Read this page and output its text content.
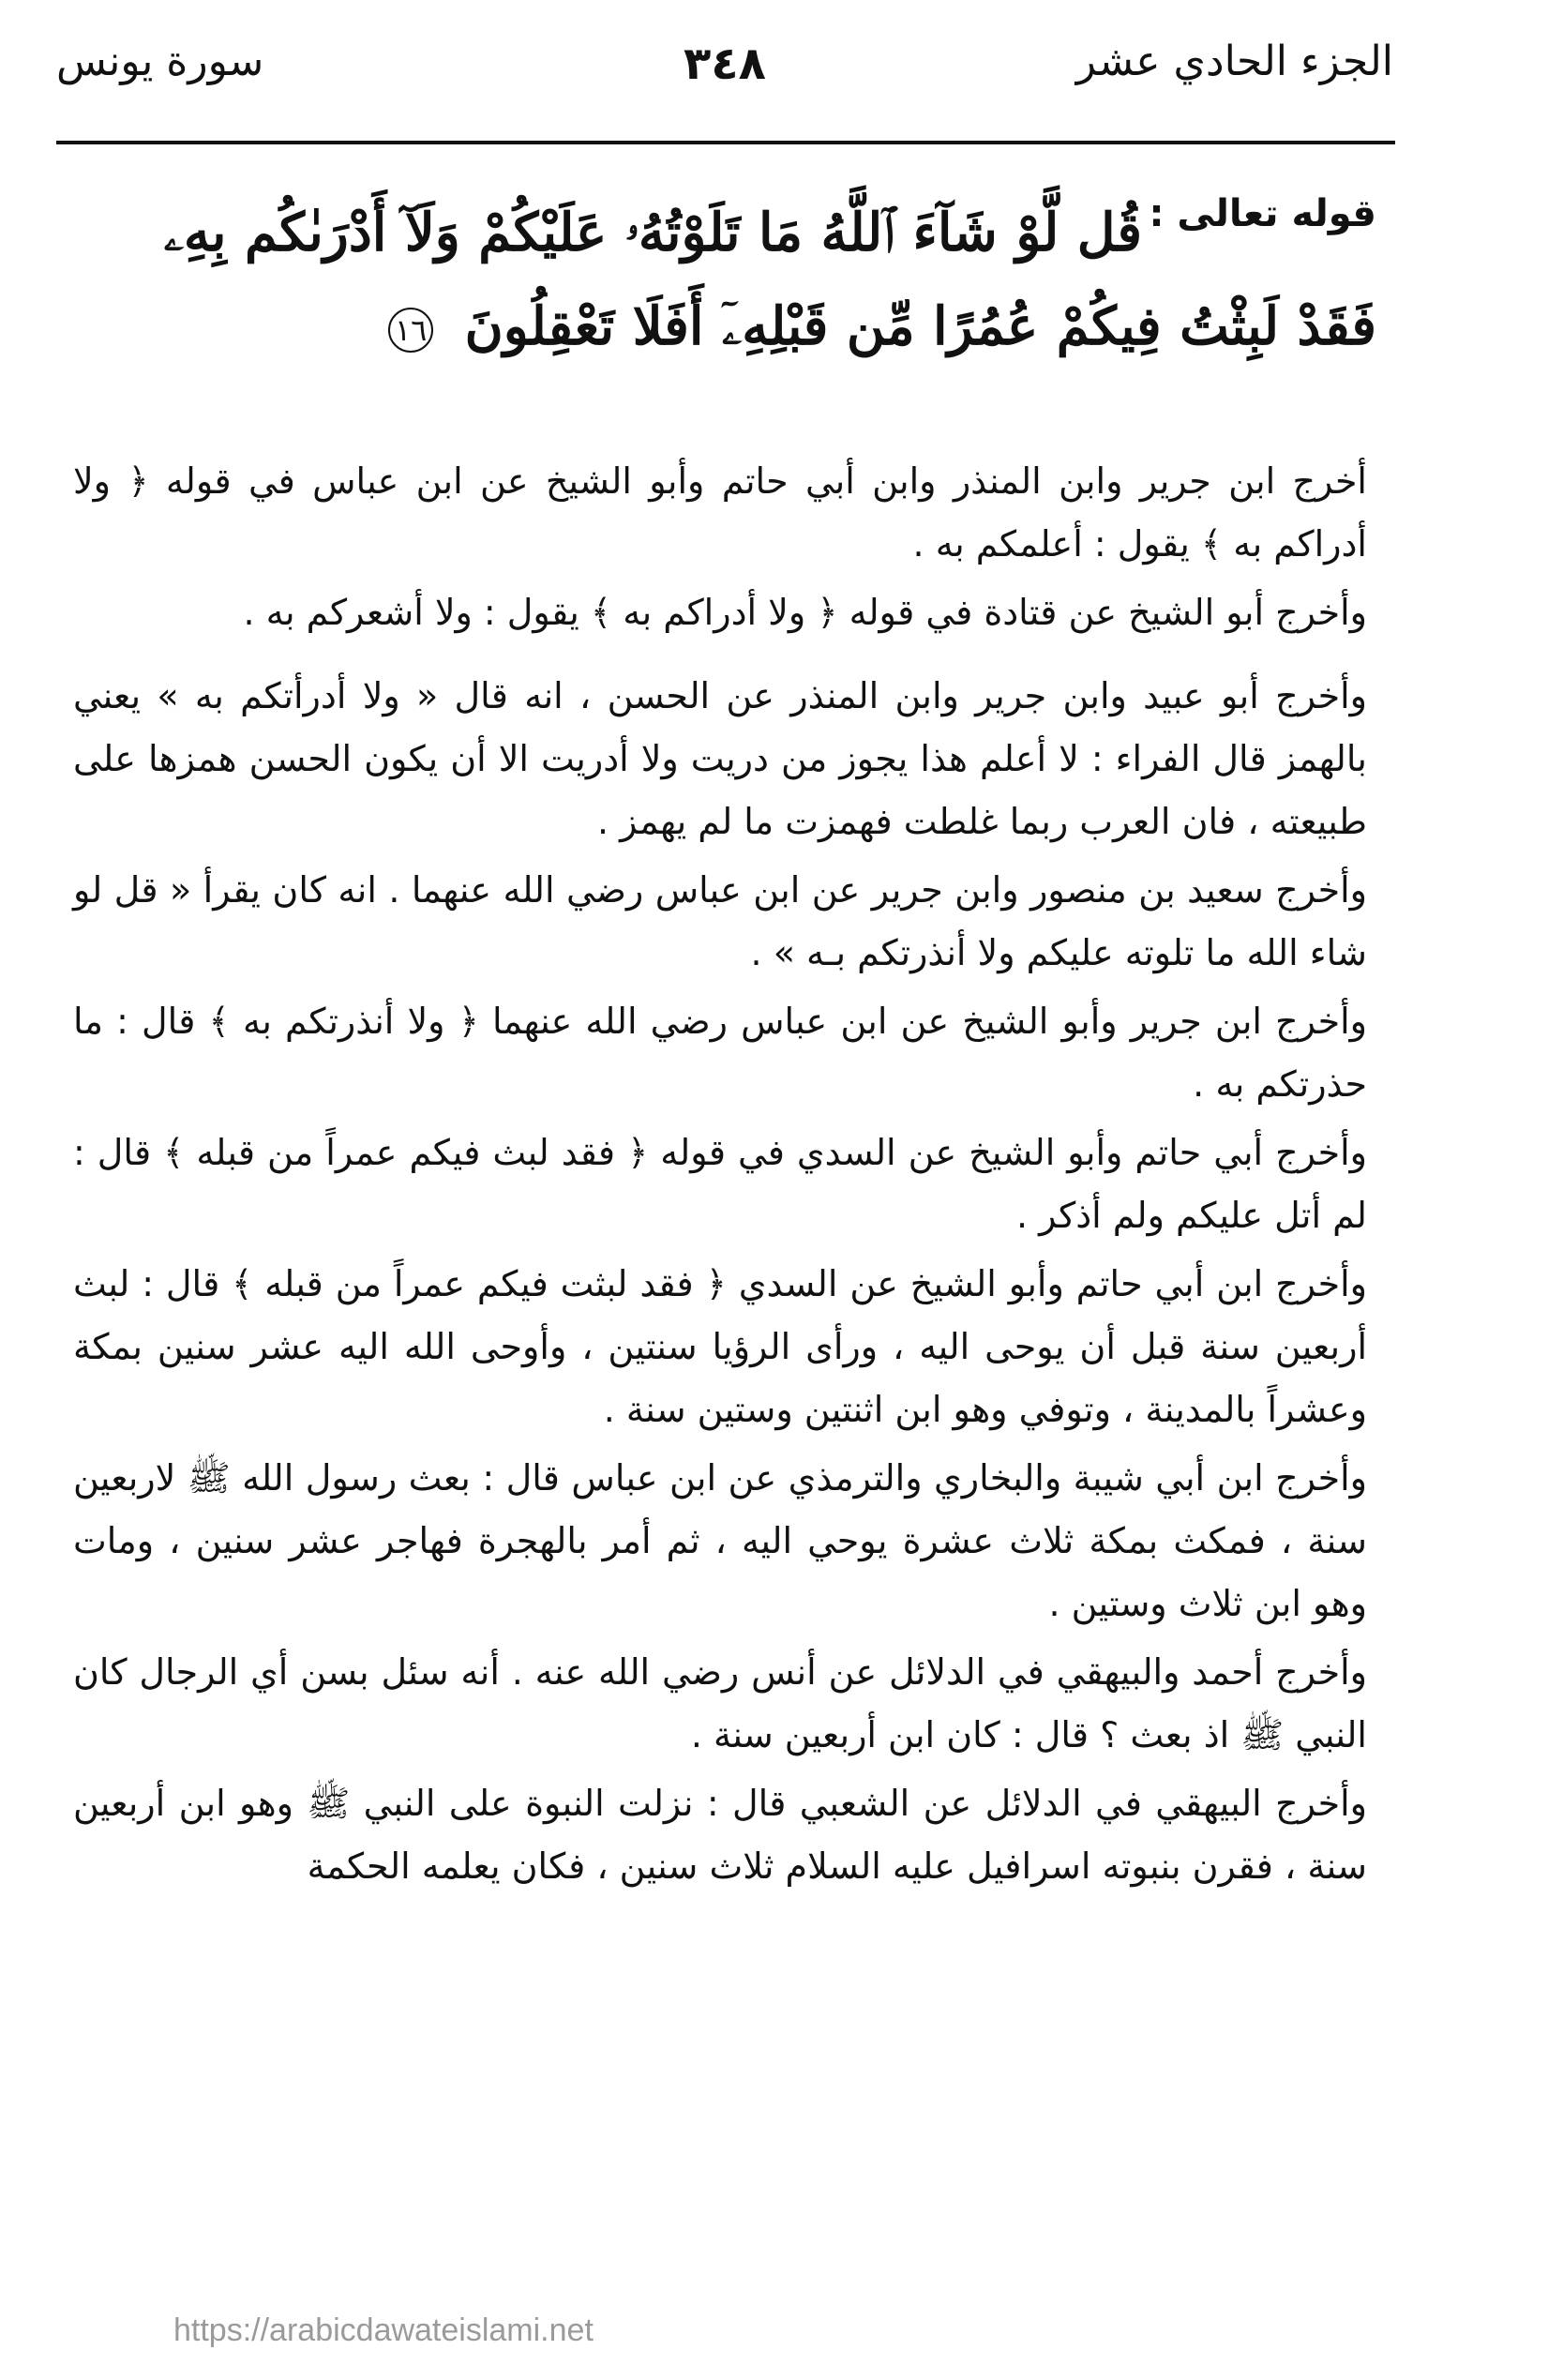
الجزء الحادي عشر
٣٤٨
سورة يونس
قوله تعالى :
قُل لَّوْ شَآءَ ٱللَّهُ مَا تَلَوْتُهُۥ عَلَيْكُمْ وَلَآ أَدْرَىٰكُم بِهِۦ
فَقَدْ لَبِثْتُ فِيكُمْ عُمُرًا مِّن قَبْلِهِۦٓ أَفَلَا تَعْقِلُونَ ١٦

أخرج ابن جرير وابن المنذر وابن أبي حاتم وأبو الشيخ عن ابن عباس في قوله ﴿ ولا أدراكم به ﴾ يقول : أعلمكم به .

وأخرج أبو الشيخ عن قتادة في قوله ﴿ ولا أدراكم به ﴾ يقول : ولا أشعركم به .

وأخرج أبو عبيد وابن جرير وابن المنذر عن الحسن ، انه قال « ولا أدرأتكم به » يعني بالهمز قال الفراء : لا أعلم هذا يجوز من دريت ولا أدريت الا أن يكون الحسن همزها على طبيعته ، فان العرب ربما غلطت فهمزت ما لم يهمز .

وأخرج سعيد بن منصور وابن جرير عن ابن عباس رضي الله عنهما . انه كان يقرأ « قل لو شاء الله ما تلوته عليكم ولا أنذرتكم بـه » .

وأخرج ابن جرير وأبو الشيخ عن ابن عباس رضي الله عنهما ﴿ ولا أنذرتكم به ﴾ قال : ما حذرتكم به .

وأخرج أبي حاتم وأبو الشيخ عن السدي في قوله ﴿ فقد لبث فيكم عمراً من قبله ﴾ قال : لم أتل عليكم ولم أذكر .

وأخرج ابن أبي حاتم وأبو الشيخ عن السدي ﴿ فقد لبثت فيكم عمراً من قبله ﴾ قال : لبث أربعين سنة قبل أن يوحى اليه ، ورأى الرؤيا سنتين ، وأوحى الله اليه عشر سنين بمكة وعشراً بالمدينة ، وتوفي وهو ابن اثنتين وستين سنة .

وأخرج ابن أبي شيبة والبخاري والترمذي عن ابن عباس قال : بعث رسول الله ﷺ لاربعين سنة ، فمكث بمكة ثلاث عشرة يوحي اليه ، ثم أمر بالهجرة فهاجر عشر سنين ، ومات وهو ابن ثلاث وستين .

وأخرج أحمد والبيهقي في الدلائل عن أنس رضي الله عنه . أنه سئل بسن أي الرجال كان النبي ﷺ اذ بعث ؟ قال : كان ابن أربعين سنة .

وأخرج البيهقي في الدلائل عن الشعبي قال : نزلت النبوة على النبي ﷺ وهو ابن أربعين سنة ، فقرن بنبوته اسرافيل عليه السلام ثلاث سنين ، فكان يعلمه الحكمة

https://arabicdawateislami.net
